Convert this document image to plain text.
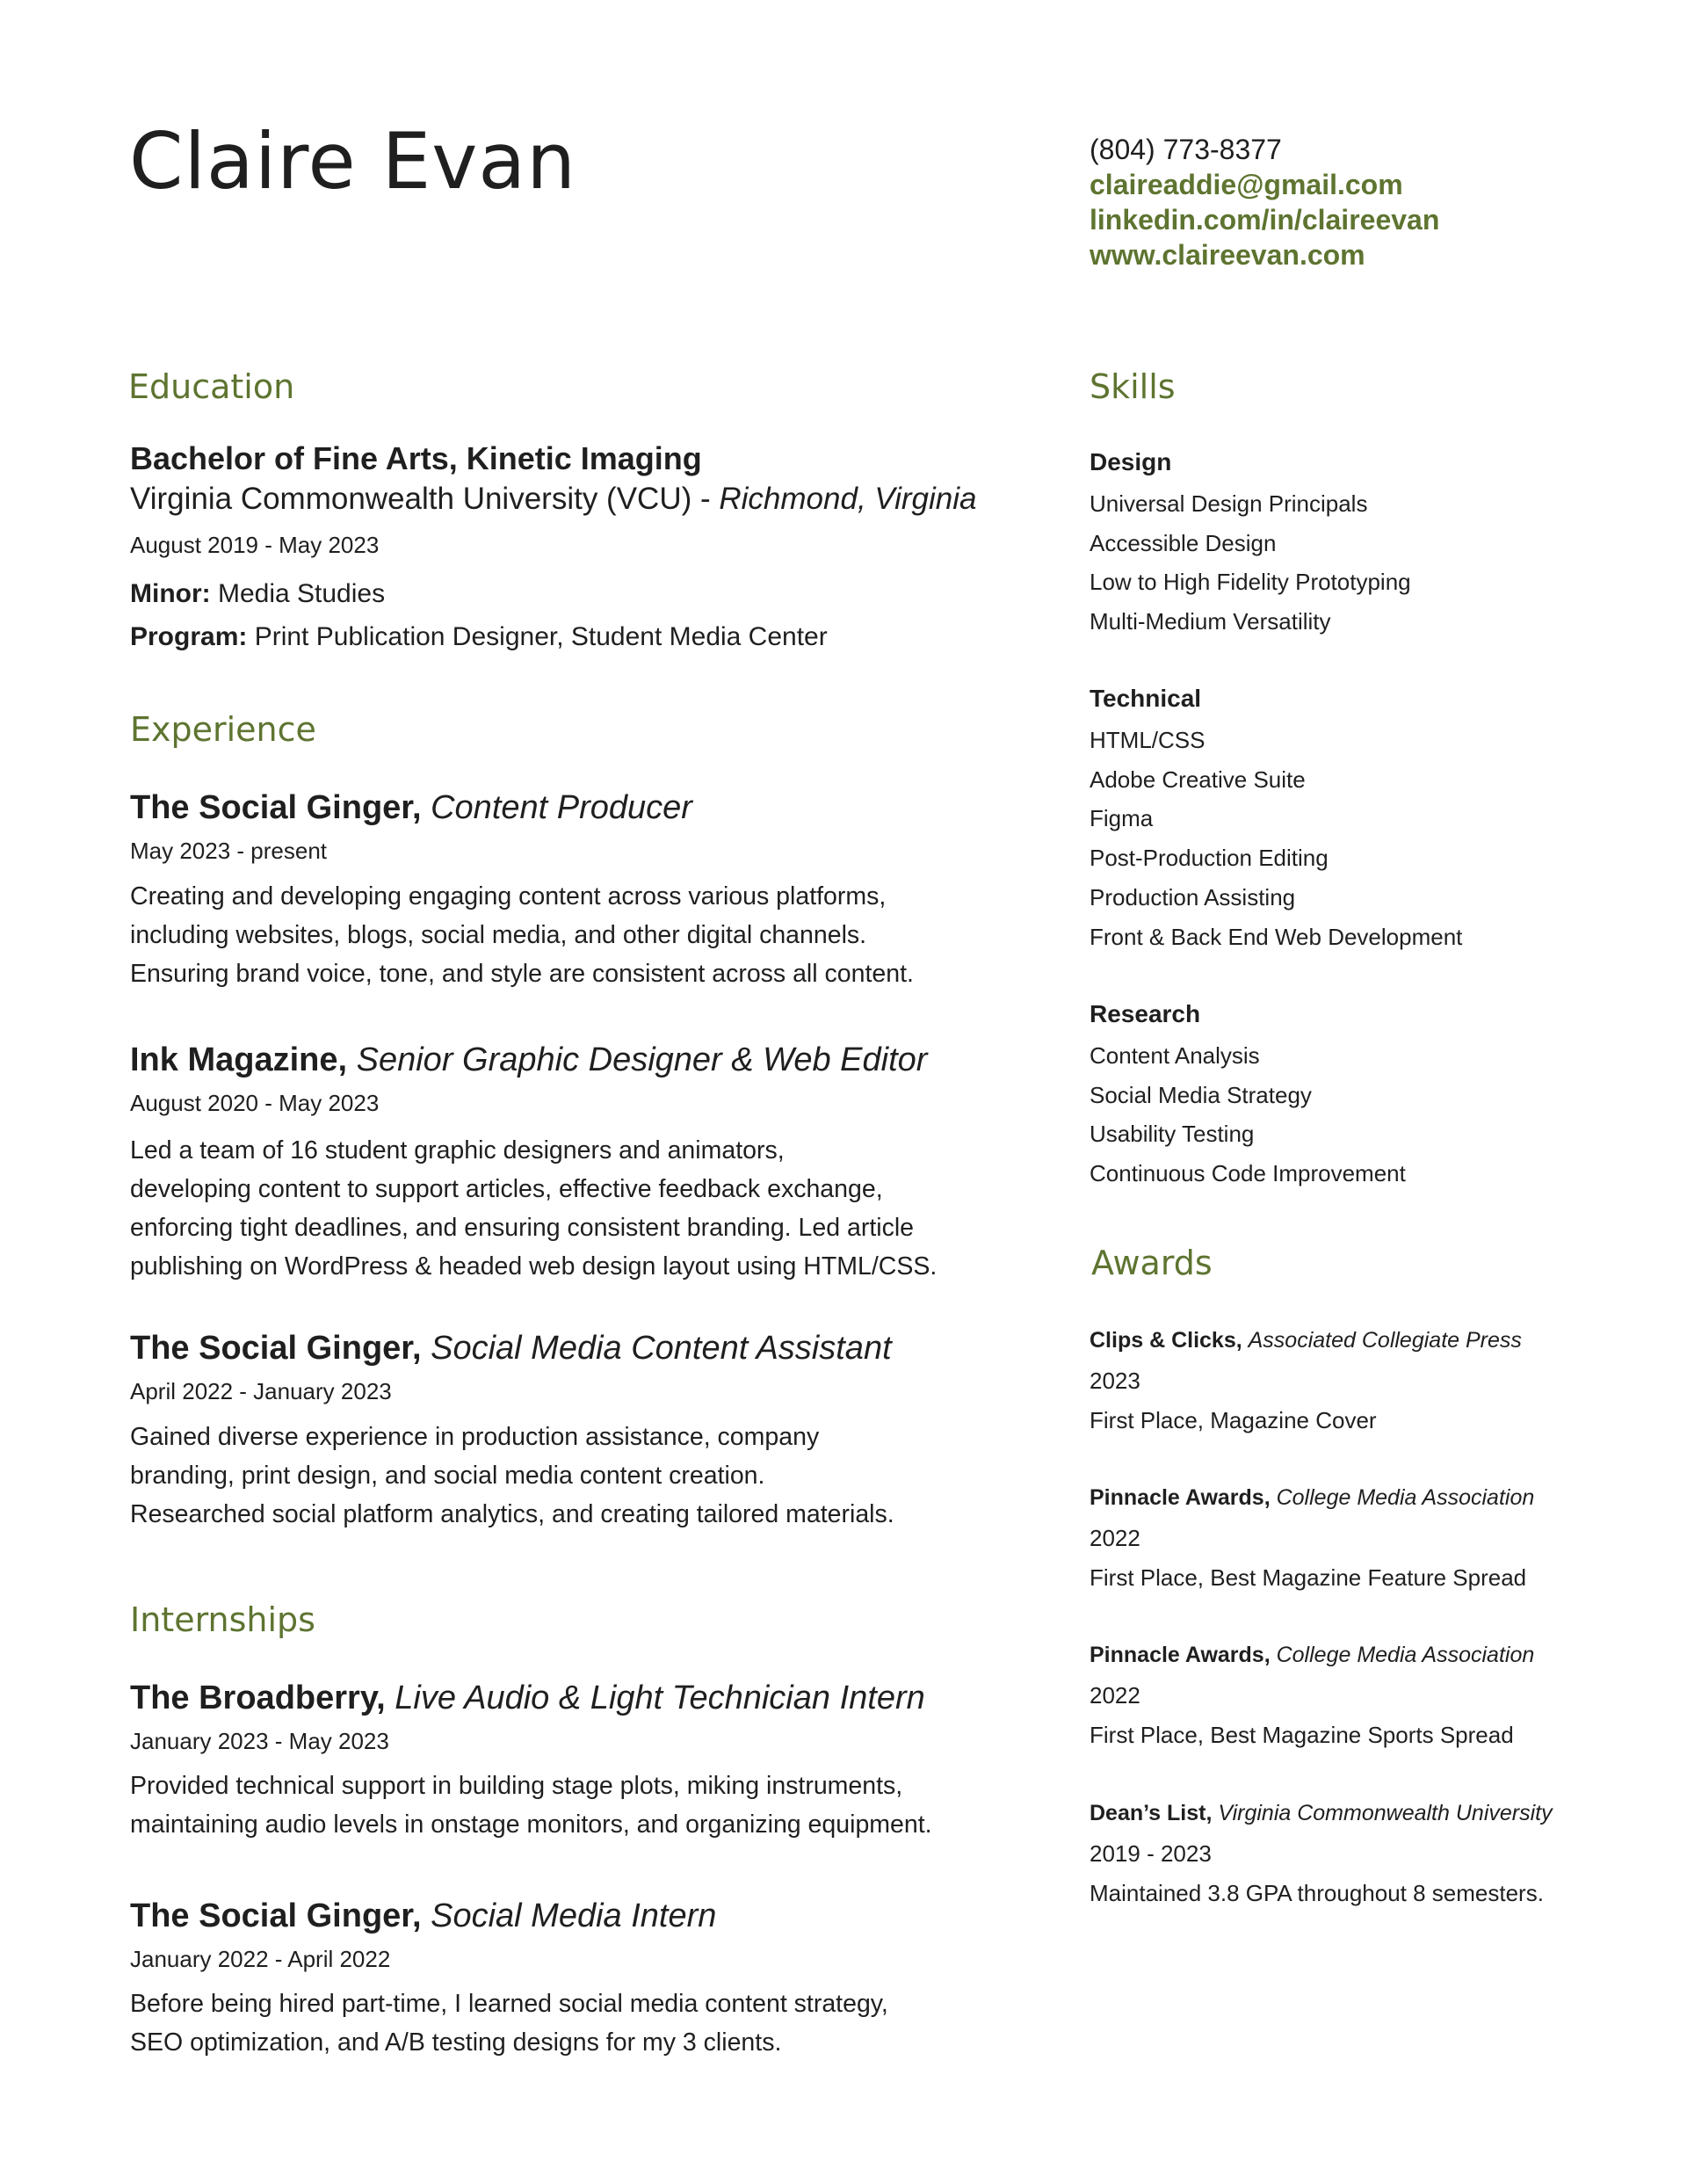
Claire Evan	(804) 773-8377
claireaddie@gmail.com
linkedin.com/in/claireevan
www.claireevan.com
Education
Bachelor of Fine Arts, Kinetic Imaging
Virginia Commonwealth University (VCU) - Richmond, Virginia
August 2019 - May 2023
Minor: Media Studies
Program: Print Publication Designer, Student Media Center
Experience
The Social Ginger, Content Producer
May 2023 - present
Creating and developing engaging content across various platforms,
including websites, blogs, social media, and other digital channels.
Ensuring brand voice, tone, and style are consistent across all content.
Ink Magazine, Senior Graphic Designer & Web Editor
August 2020 - May 2023
Led a team of 16 student graphic designers and animators,
developing content to support articles, effective feedback exchange,
enforcing tight deadlines, and ensuring consistent branding. Led article
publishing on WordPress & headed web design layout using HTML/CSS.
The Social Ginger, Social Media Content Assistant
April 2022 - January 2023
Gained diverse experience in production assistance, company
branding, print design, and social media content creation.
Researched social platform analytics, and creating tailored materials.
Internships
The Broadberry, Live Audio & Light Technician Intern
January 2023 - May 2023
Provided technical support in building stage plots, miking instruments,
maintaining audio levels in onstage monitors, and organizing equipment.
The Social Ginger, Social Media Intern
January 2022 - April 2022
Before being hired part-time, I learned social media content strategy,
SEO optimization, and A/B testing designs for my 3 clients.
Skills
Design
Universal Design Principals
Accessible Design
Low to High Fidelity Prototyping
Multi-Medium Versatility
Technical
HTML/CSS
Adobe Creative Suite
Figma
Post-Production Editing
Production Assisting
Front & Back End Web Development
Research
Content Analysis
Social Media Strategy
Usability Testing
Continuous Code Improvement
Awards
Clips & Clicks, Associated Collegiate Press
2023
First Place, Magazine Cover
Pinnacle Awards, College Media Association
2022
First Place, Best Magazine Feature Spread
Pinnacle Awards, College Media Association
2022
First Place, Best Magazine Sports Spread
Dean’s List, Virginia Commonwealth University
2019 - 2023
Maintained 3.8 GPA throughout 8 semesters.
